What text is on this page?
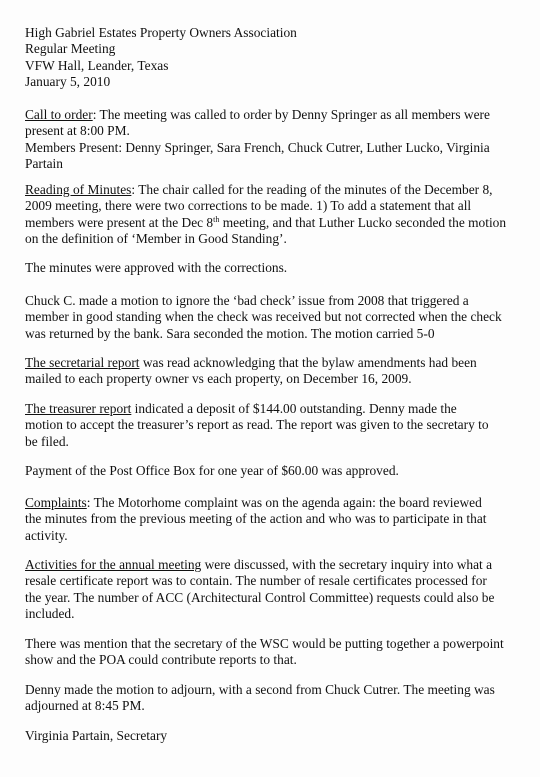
High Gabriel Estates Property Owners Association
Regular Meeting
VFW Hall, Leander, Texas
January 5, 2010
Call to order: The meeting was called to order by Denny Springer as all members were
present at 8:00 PM.
Members Present: Denny Springer, Sara French, Chuck Cutrer, Luther Lucko, Virginia
Partain
Reading of Minutes: The chair called for the reading of the minutes of the December 8,
2009 meeting, there were two corrections to be made. 1) To add a statement that all
members were present at the Dec 8th meeting, and that Luther Lucko seconded the motion
on the definition of ‘Member in Good Standing’.
The minutes were approved with the corrections.
Chuck C. made a motion to ignore the ‘bad check’ issue from 2008 that triggered a
member in good standing when the check was received but not corrected when the check
was returned by the bank. Sara seconded the motion. The motion carried 5-0
The secretarial report was read acknowledging that the bylaw amendments had been
mailed to each property owner vs each property, on December 16, 2009.
The treasurer report indicated a deposit of $144.00 outstanding. Denny made the
motion to accept the treasurer’s report as read. The report was given to the secretary to
be filed.
Payment of the Post Office Box for one year of $60.00 was approved.
Complaints: The Motorhome complaint was on the agenda again: the board reviewed
the minutes from the previous meeting of the action and who was to participate in that
activity.
Activities for the annual meeting were discussed, with the secretary inquiry into what a
resale certificate report was to contain. The number of resale certificates processed for
the year. The number of ACC (Architectural Control Committee) requests could also be
included.
There was mention that the secretary of the WSC would be putting together a powerpoint
show and the POA could contribute reports to that.
Denny made the motion to adjourn, with a second from Chuck Cutrer. The meeting was
adjourned at 8:45 PM.
Virginia Partain, Secretary
